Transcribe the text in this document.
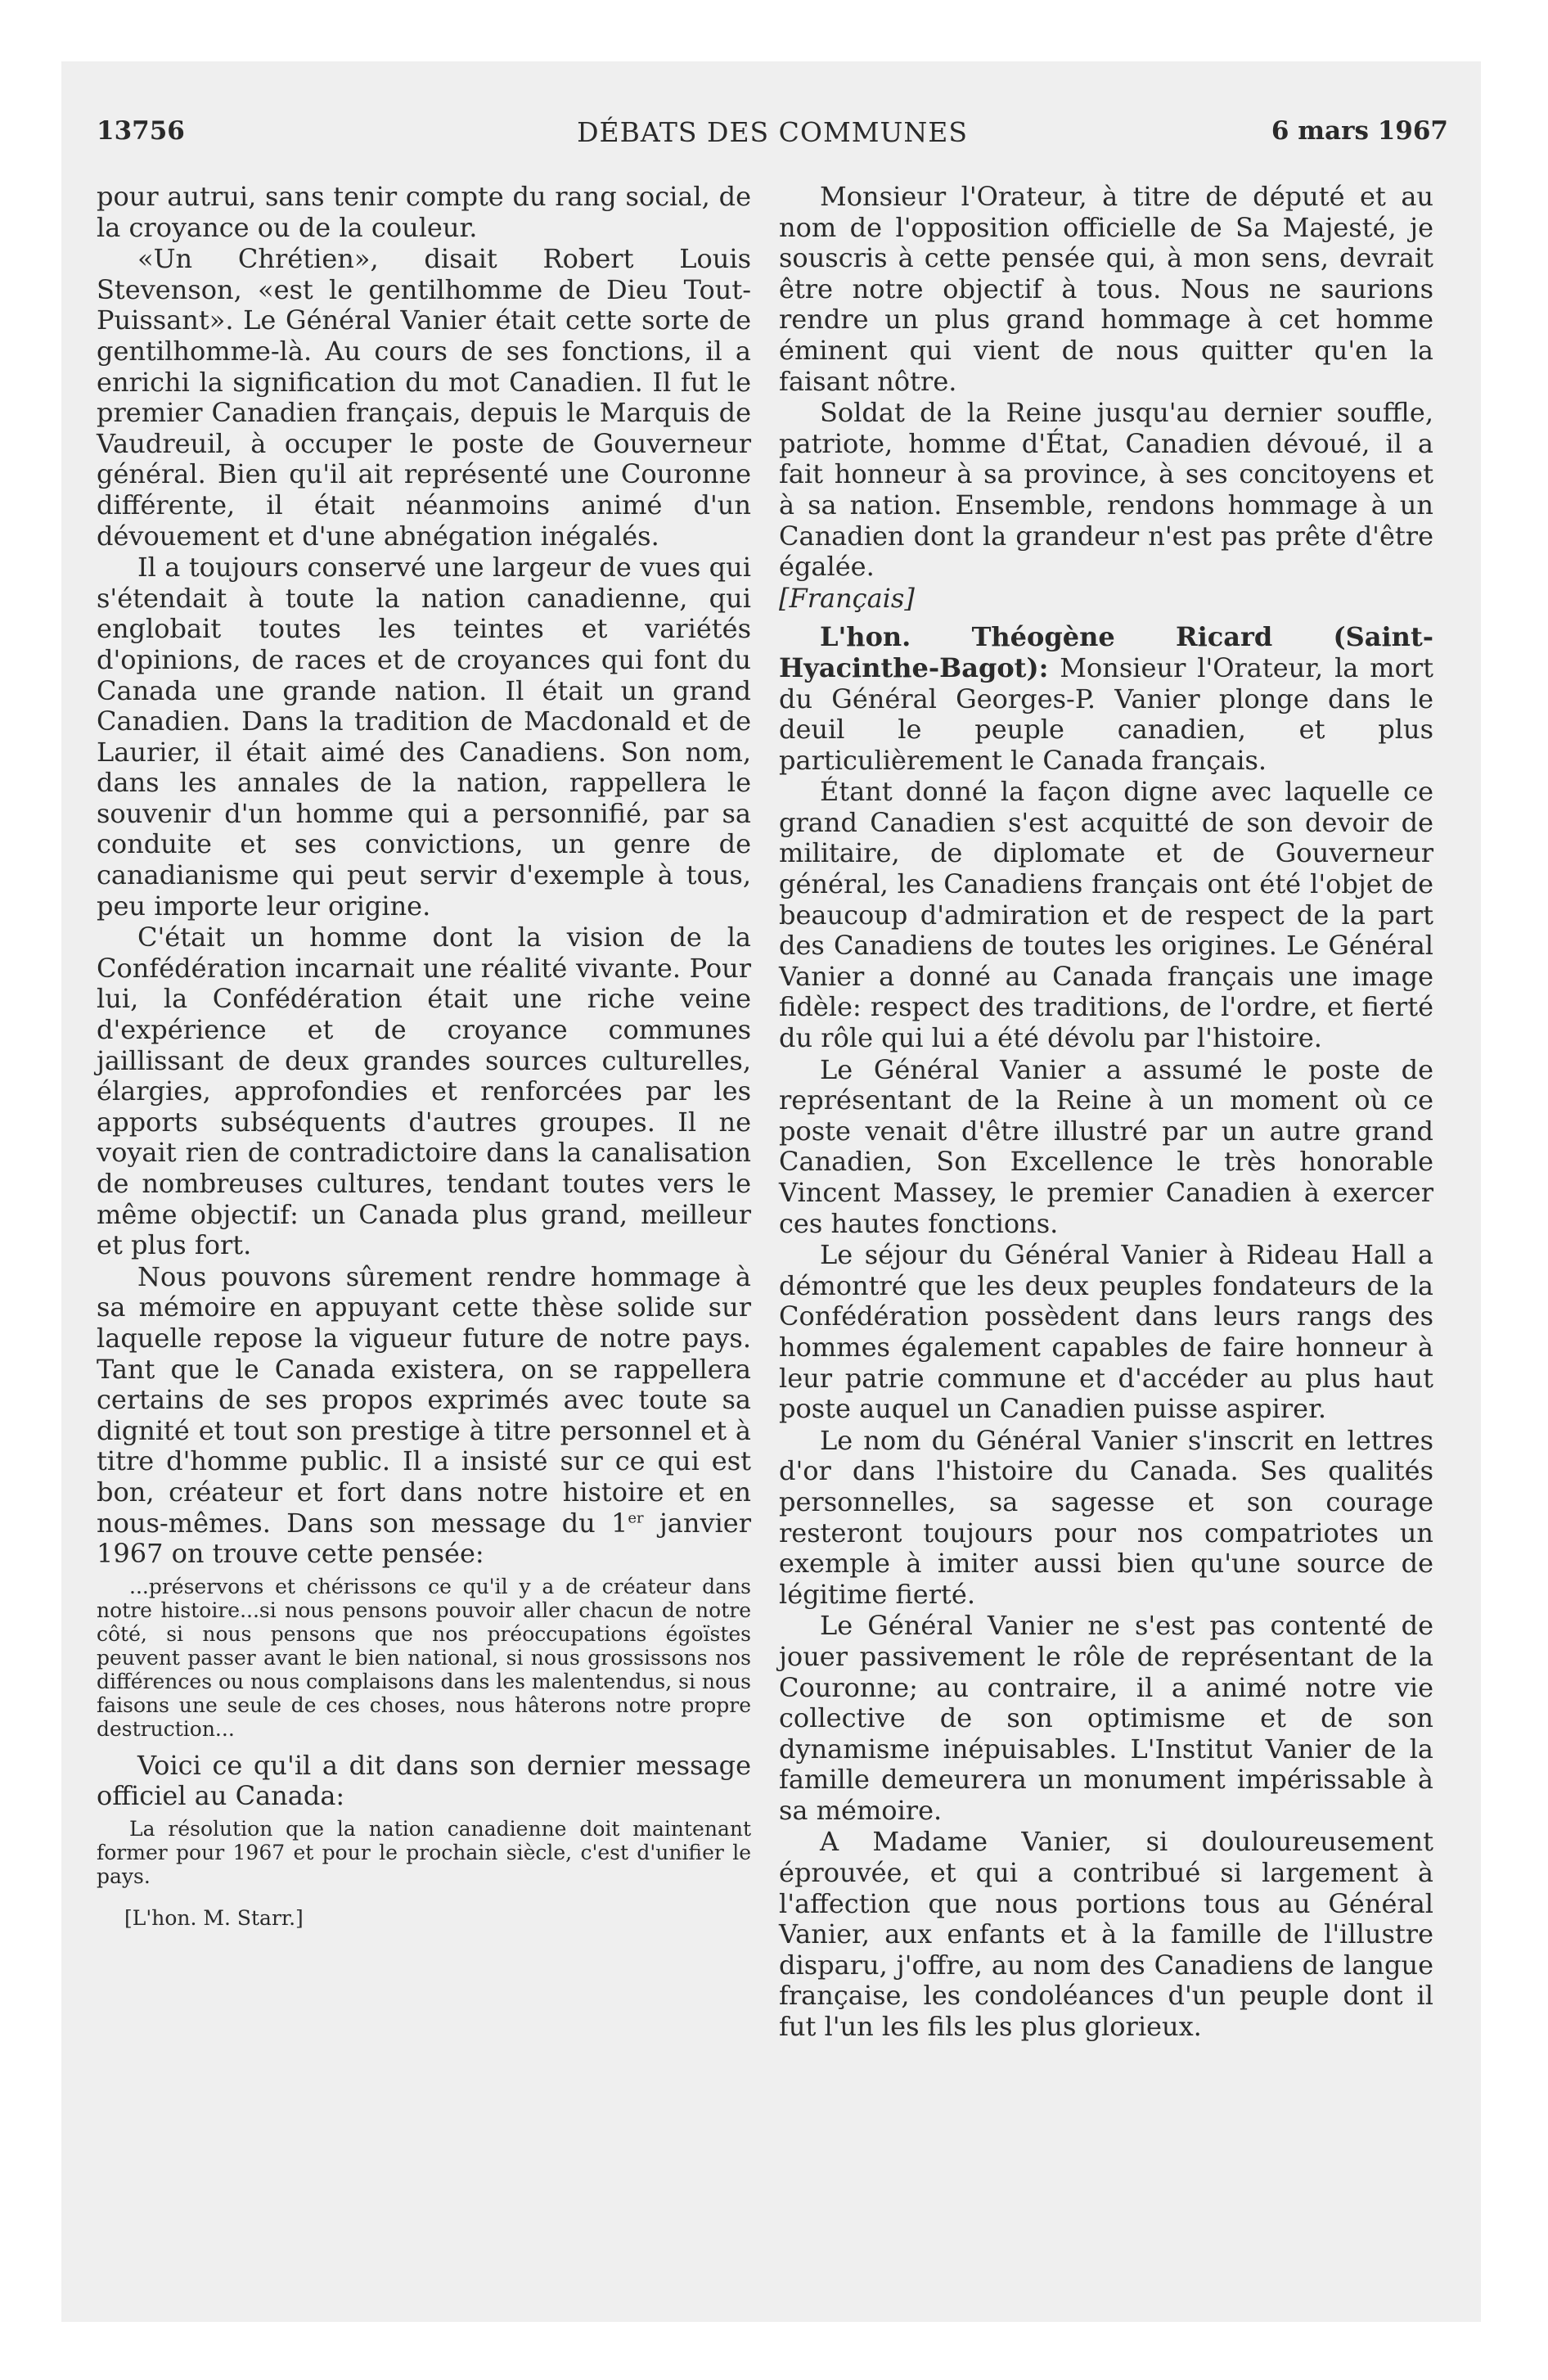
13756	DÉBATS DES COMMUNES	6 mars 1967

pour autrui, sans tenir compte du rang social, de la croyance ou de la couleur.

«Un Chrétien», disait Robert Louis Stevenson, «est le gentilhomme de Dieu Tout-Puissant». Le Général Vanier était cette sorte de gentilhomme-là. Au cours de ses fonctions, il a enrichi la signification du mot Canadien. Il fut le premier Canadien français, depuis le Marquis de Vaudreuil, à occuper le poste de Gouverneur général. Bien qu'il ait représenté une Couronne différente, il était néanmoins animé d'un dévouement et d'une abnégation inégalés.

Il a toujours conservé une largeur de vues qui s'étendait à toute la nation canadienne, qui englobait toutes les teintes et variétés d'opinions, de races et de croyances qui font du Canada une grande nation. Il était un grand Canadien. Dans la tradition de Macdonald et de Laurier, il était aimé des Canadiens. Son nom, dans les annales de la nation, rappellera le souvenir d'un homme qui a personnifié, par sa conduite et ses convictions, un genre de canadianisme qui peut servir d'exemple à tous, peu importe leur origine.

C'était un homme dont la vision de la Confédération incarnait une réalité vivante. Pour lui, la Confédération était une riche veine d'expérience et de croyance communes jaillissant de deux grandes sources culturelles, élargies, approfondies et renforcées par les apports subséquents d'autres groupes. Il ne voyait rien de contradictoire dans la canalisation de nombreuses cultures, tendant toutes vers le même objectif: un Canada plus grand, meilleur et plus fort.

Nous pouvons sûrement rendre hommage à sa mémoire en appuyant cette thèse solide sur laquelle repose la vigueur future de notre pays. Tant que le Canada existera, on se rappellera certains de ses propos exprimés avec toute sa dignité et tout son prestige à titre personnel et à titre d'homme public. Il a insisté sur ce qui est bon, créateur et fort dans notre histoire et en nous-mêmes. Dans son message du 1er janvier 1967 on trouve cette pensée:

...préservons et chérissons ce qu'il y a de créateur dans notre histoire...si nous pensons pouvoir aller chacun de notre côté, si nous pensons que nos préoccupations égoïstes peuvent passer avant le bien national, si nous grossissons nos différences ou nous complaisons dans les malentendus, si nous faisons une seule de ces choses, nous hâterons notre propre destruction...

Voici ce qu'il a dit dans son dernier message officiel au Canada:

La résolution que la nation canadienne doit maintenant former pour 1967 et pour le prochain siècle, c'est d'unifier le pays.

[L'hon. M. Starr.]

Monsieur l'Orateur, à titre de député et au nom de l'opposition officielle de Sa Majesté, je souscris à cette pensée qui, à mon sens, devrait être notre objectif à tous. Nous ne saurions rendre un plus grand hommage à cet homme éminent qui vient de nous quitter qu'en la faisant nôtre.

Soldat de la Reine jusqu'au dernier souffle, patriote, homme d'État, Canadien dévoué, il a fait honneur à sa province, à ses concitoyens et à sa nation. Ensemble, rendons hommage à un Canadien dont la grandeur n'est pas prête d'être égalée.

[Français]

L'hon. Théogène Ricard (Saint-Hyacinthe-Bagot): Monsieur l'Orateur, la mort du Général Georges-P. Vanier plonge dans le deuil le peuple canadien, et plus particulièrement le Canada français.

Étant donné la façon digne avec laquelle ce grand Canadien s'est acquitté de son devoir de militaire, de diplomate et de Gouverneur général, les Canadiens français ont été l'objet de beaucoup d'admiration et de respect de la part des Canadiens de toutes les origines. Le Général Vanier a donné au Canada français une image fidèle: respect des traditions, de l'ordre, et fierté du rôle qui lui a été dévolu par l'histoire.

Le Général Vanier a assumé le poste de représentant de la Reine à un moment où ce poste venait d'être illustré par un autre grand Canadien, Son Excellence le très honorable Vincent Massey, le premier Canadien à exercer ces hautes fonctions.

Le séjour du Général Vanier à Rideau Hall a démontré que les deux peuples fondateurs de la Confédération possèdent dans leurs rangs des hommes également capables de faire honneur à leur patrie commune et d'accéder au plus haut poste auquel un Canadien puisse aspirer.

Le nom du Général Vanier s'inscrit en lettres d'or dans l'histoire du Canada. Ses qualités personnelles, sa sagesse et son courage resteront toujours pour nos compatriotes un exemple à imiter aussi bien qu'une source de légitime fierté.

Le Général Vanier ne s'est pas contenté de jouer passivement le rôle de représentant de la Couronne; au contraire, il a animé notre vie collective de son optimisme et de son dynamisme inépuisables. L'Institut Vanier de la famille demeurera un monument impérissable à sa mémoire.

A Madame Vanier, si douloureusement éprouvée, et qui a contribué si largement à l'affection que nous portions tous au Général Vanier, aux enfants et à la famille de l'illustre disparu, j'offre, au nom des Canadiens de langue française, les condoléances d'un peuple dont il fut l'un les fils les plus glorieux.
